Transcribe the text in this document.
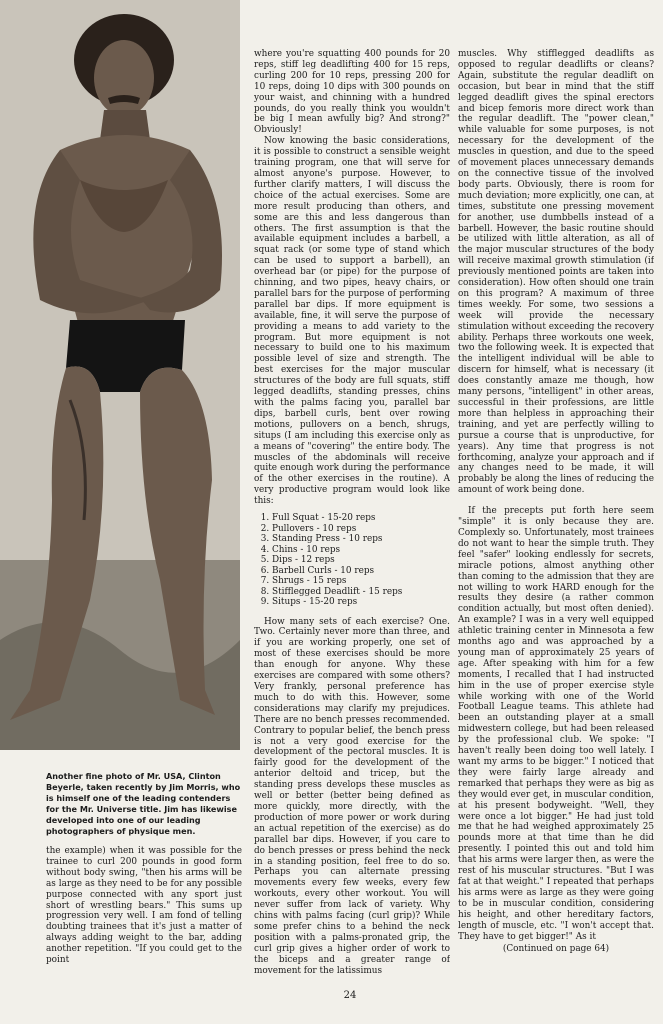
Another fine photo of Mr. USA, Clinton Beyerle, taken recently by Jim Morris, who is himself one of the leading contenders for the Mr. Universe title. Jim has likewise developed into one of our leading photographers of physique men.

the example) when it was possible for the trainee to curl 200 pounds in good form without body swing, "then his arms will be as large as they need to be for any possible purpose connected with any sport just short of wrestling bears." This sums up progression very well. I am fond of telling doubting trainees that it's just a matter of always adding weight to the bar, adding another repetition. "If you could get to the point

where you're squatting 400 pounds for 20 reps, stiff leg deadlifting 400 for 15 reps, curling 200 for 10 reps, pressing 200 for 10 reps, doing 10 dips with 300 pounds on your waist, and chinning with a hundred pounds, do you really think you wouldn't be big I mean awfully big? And strong?" Obviously!

Now knowing the basic considerations, it is possible to construct a sensible weight training program, one that will serve for almost anyone's purpose. However, to further clarify matters, I will discuss the choice of the actual exercises. Some are more result producing than others, and some are this and less dangerous than others. The first assumption is that the available equipment includes a barbell, a squat rack (or some type of stand which can be used to support a barbell), an overhead bar (or pipe) for the purpose of chinning, and two pipes, heavy chairs, or parallel bars for the purpose of performing parallel bar dips. If more equipment is available, fine, it will serve the purpose of providing a means to add variety to the program. But more equipment is not necessary to build one to his maximum possible level of size and strength. The best exercises for the major muscular structures of the body are full squats, stiff legged deadlifts, standing presses, chins with the palms facing you, parallel bar dips, barbell curls, bent over rowing motions, pullovers on a bench, shrugs, situps (I am including this exercise only as a means of "covering" the entire body. The muscles of the abdominals will receive quite enough work during the performance of the other exercises in the routine). A very productive program would look like this:

1. Full Squat - 15-20 reps
2. Pullovers - 10 reps
3. Standing Press - 10 reps
4. Chins - 10 reps
5. Dips - 12 reps
6. Barbell Curls - 10 reps
7. Shrugs - 15 reps
8. Stifflegged Deadlift - 15 reps
9. Situps - 15-20 reps

How many sets of each exercise? One. Two. Certainly never more than three, and if you are working properly, one set of most of these exercises should be more than enough for anyone. Why these exercises are compared with some others? Very frankly, personal preference has much to do with this. However, some considerations may clarify my prejudices. There are no bench presses recommended. Contrary to popular belief, the bench press is not a very good exercise for the development of the pectoral muscles. It is fairly good for the development of the anterior deltoid and tricep, but the standing press develops these muscles as well or better (better being defined as more quickly, more directly, with the production of more power or work during an actual repetition of the exercise) as do parallel bar dips. However, if you care to do bench presses or press behind the neck in a standing position, feel free to do so. Perhaps you can alternate pressing movements every few weeks, every few workouts, every other workout. You will never suffer from lack of variety. Why chins with palms facing (curl grip)? While some prefer chins to a behind the neck position with a palms-pronated grip, the curl grip gives a higher order of work to the biceps and a greater range of movement for the latissimus

muscles. Why stifflegged deadlifts as opposed to regular deadlifts or cleans? Again, substitute the regular deadlift on occasion, but bear in mind that the stiff legged deadlift gives the spinal erectors and bicep femoris more direct work than the regular deadlift. The "power clean," while valuable for some purposes, is not necessary for the development of the muscles in question, and due to the speed of movement places unnecessary demands on the connective tissue of the involved body parts. Obviously, there is room for much deviation; more explicitly, one can, at times, substitute one pressing movement for another, use dumbbells instead of a barbell. However, the basic routine should be utilized with little alteration, as all of the major muscular structures of the body will receive maximal growth stimulation (if previously mentioned points are taken into consideration). How often should one train on this program? A maximum of three times weekly. For some, two sessions a week will provide the necessary stimulation without exceeding the recovery ability. Perhaps three workouts one week, two the following week. It is expected that the intelligent individual will be able to discern for himself, what is necessary (it does constantly amaze me though, how many persons, "intelligent" in other areas, successful in their professions, are little more than helpless in approaching their training, and yet are perfectly willing to pursue a course that is unproductive, for years). Any time that progress is not forthcoming, analyze your approach and if any changes need to be made, it will probably be along the lines of reducing the amount of work being done.

If the precepts put forth here seem "simple" it is only because they are. Complexly so. Unfortunately, most trainees do not want to hear the simple truth. They feel "safer" looking endlessly for secrets, miracle potions, almost anything other than coming to the admission that they are not willing to work HARD enough for the results they desire (a rather common condition actually, but most often denied). An example? I was in a very well equipped athletic training center in Minnesota a few months ago and was approached by a young man of approximately 25 years of age. After speaking with him for a few moments, I recalled that I had instructed him in the use of proper exercise style while working with one of the World Football League teams. This athlete had been an outstanding player at a small midwestern college, but had been released by the professional club. We spoke: "I haven't really been doing too well lately. I want my arms to be bigger." I noticed that they were fairly large already and remarked that perhaps they were as big as they would ever get, in muscular condition, at his present bodyweight. "Well, they were once a lot bigger." He had just told me that he had weighed approximately 25 pounds more at that time than he did presently. I pointed this out and told him that his arms were larger then, as were the rest of his muscular structures. "But I was fat at that weight." I repeated that perhaps his arms were as large as they were going to be in muscular condition, considering his height, and other hereditary factors, length of muscle, etc. "I won't accept that. They have to get bigger!" As it

(Continued on page 64)
24
